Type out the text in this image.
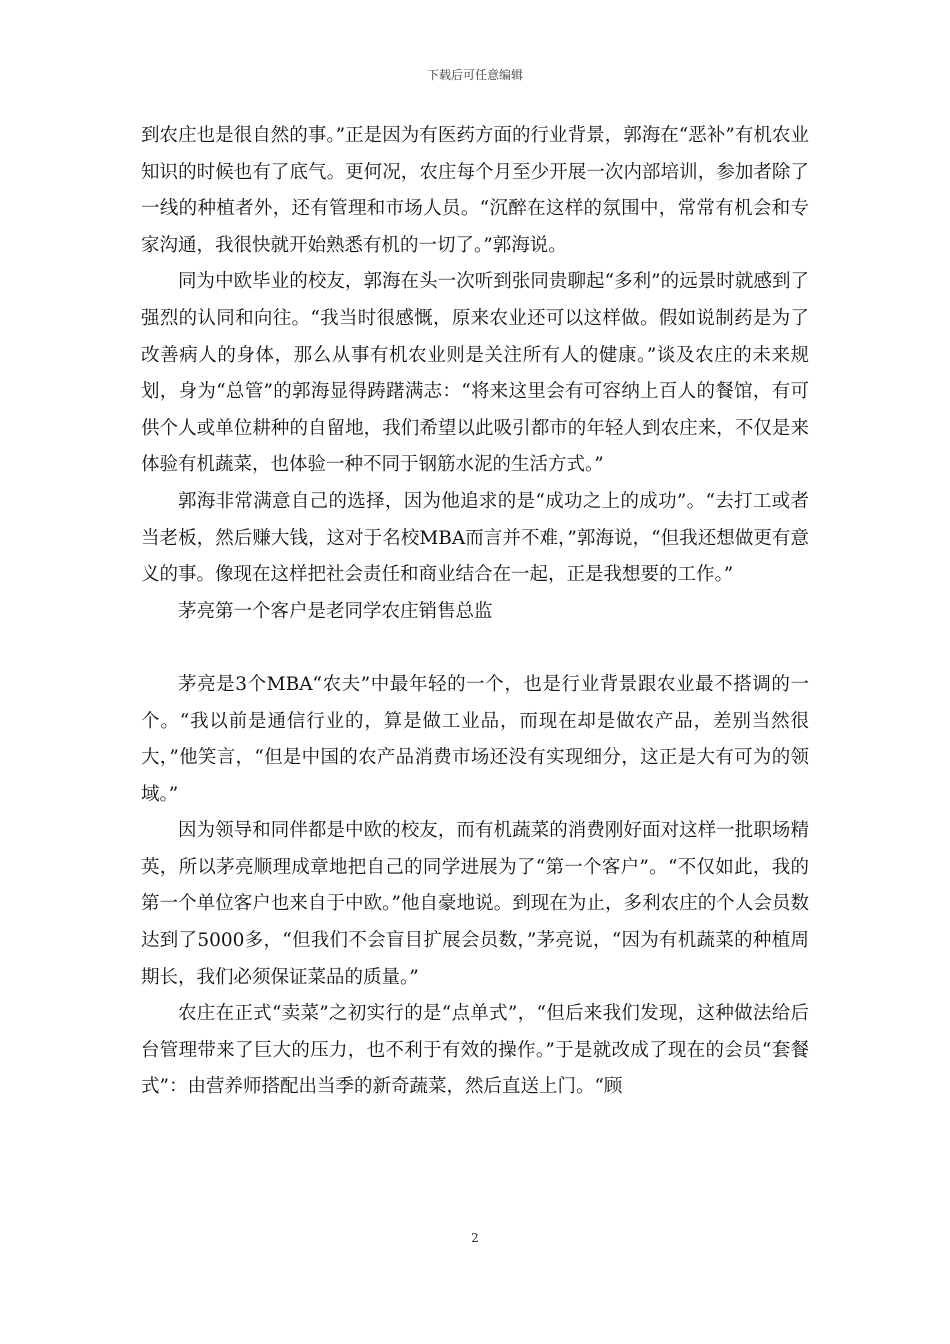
下载后可任意编辑

到农庄也是很自然的事。”正是因为有医药方面的行业背景，郭海在“恶补”有机农业知识的时候也有了底气。更何况，农庄每个月至少开展一次内部培训，参加者除了一线的种植者外，还有管理和市场人员。“沉醉在这样的氛围中，常常有机会和专家沟通，我很快就开始熟悉有机的一切了。”郭海说。

同为中欧毕业的校友，郭海在头一次听到张同贵聊起“多利”的远景时就感到了强烈的认同和向往。“我当时很感慨，原来农业还可以这样做。假如说制药是为了改善病人的身体，那么从事有机农业则是关注所有人的健康。”谈及农庄的未来规划，身为“总管”的郭海显得踌躇满志：“将来这里会有可容纳上百人的餐馆，有可供个人或单位耕种的自留地，我们希望以此吸引都市的年轻人到农庄来，不仅是来体验有机蔬菜，也体验一种不同于钢筋水泥的生活方式。”

郭海非常满意自己的选择，因为他追求的是“成功之上的成功”。“去打工或者当老板，然后赚大钱，这对于名校MBA而言并不难，”郭海说，“但我还想做更有意义的事。像现在这样把社会责任和商业结合在一起，正是我想要的工作。”

茅亮第一个客户是老同学农庄销售总监

茅亮是3个MBA“农夫”中最年轻的一个，也是行业背景跟农业最不搭调的一个。“我以前是通信行业的，算是做工业品，而现在却是做农产品，差别当然很大，”他笑言，“但是中国的农产品消费市场还没有实现细分，这正是大有可为的领域。”

因为领导和同伴都是中欧的校友，而有机蔬菜的消费刚好面对这样一批职场精英，所以茅亮顺理成章地把自己的同学进展为了“第一个客户”。“不仅如此，我的第一个单位客户也来自于中欧。”他自豪地说。到现在为止，多利农庄的个人会员数达到了5000多，“但我们不会盲目扩展会员数，”茅亮说，“因为有机蔬菜的种植周期长，我们必须保证菜品的质量。”

农庄在正式“卖菜”之初实行的是“点单式”，“但后来我们发现，这种做法给后台管理带来了巨大的压力，也不利于有效的操作。”于是就改成了现在的会员“套餐式”：由营养师搭配出当季的新奇蔬菜，然后直送上门。“顾

2
